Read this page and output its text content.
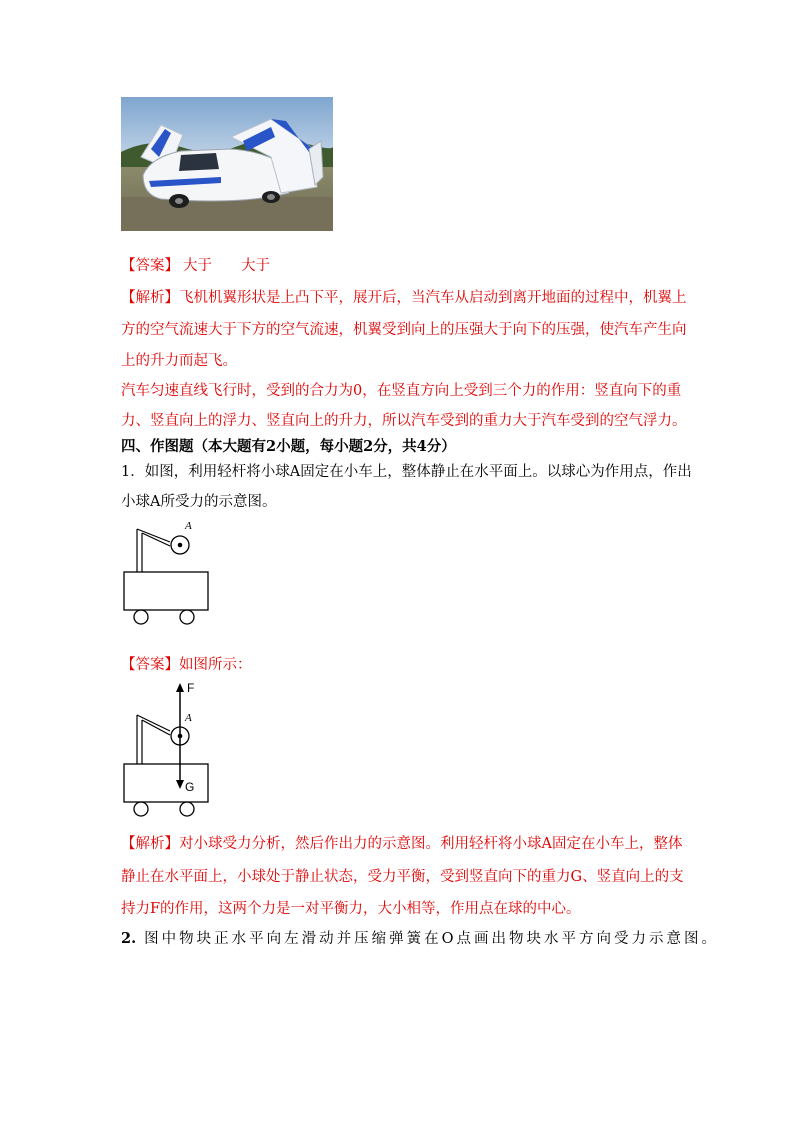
【答案】 大于　　大于
【解析】飞机机翼形状是上凸下平，展开后，当汽车从启动到离开地面的过程中，机翼上
方的空气流速大于下方的空气流速，机翼受到向上的压强大于向下的压强，使汽车产生向
上的升力而起飞。
汽车匀速直线飞行时，受到的合力为0，在竖直方向上受到三个力的作用：竖直向下的重
力、竖直向上的浮力、竖直向上的升力，所以汽车受到的重力大于汽车受到的空气浮力。
四、作图题（本大题有2小题，每小题2分，共4分）
1．如图，利用轻杆将小球A固定在小车上，整体静止在水平面上。以球心为作用点，作出
小球A所受力的示意图。
A
【答案】如图所示：
F
A
G
【解析】对小球受力分析，然后作出力的示意图。利用轻杆将小球A固定在小车上，整体
静止在水平面上，小球处于静止状态，受力平衡，受到竖直向下的重力G、竖直向上的支
持力F的作用，这两个力是一对平衡力，大小相等，作用点在球的中心。
2. 图中物块正水平向左滑动并压缩弹簧在O点画出物块水平方向受力示意图。
